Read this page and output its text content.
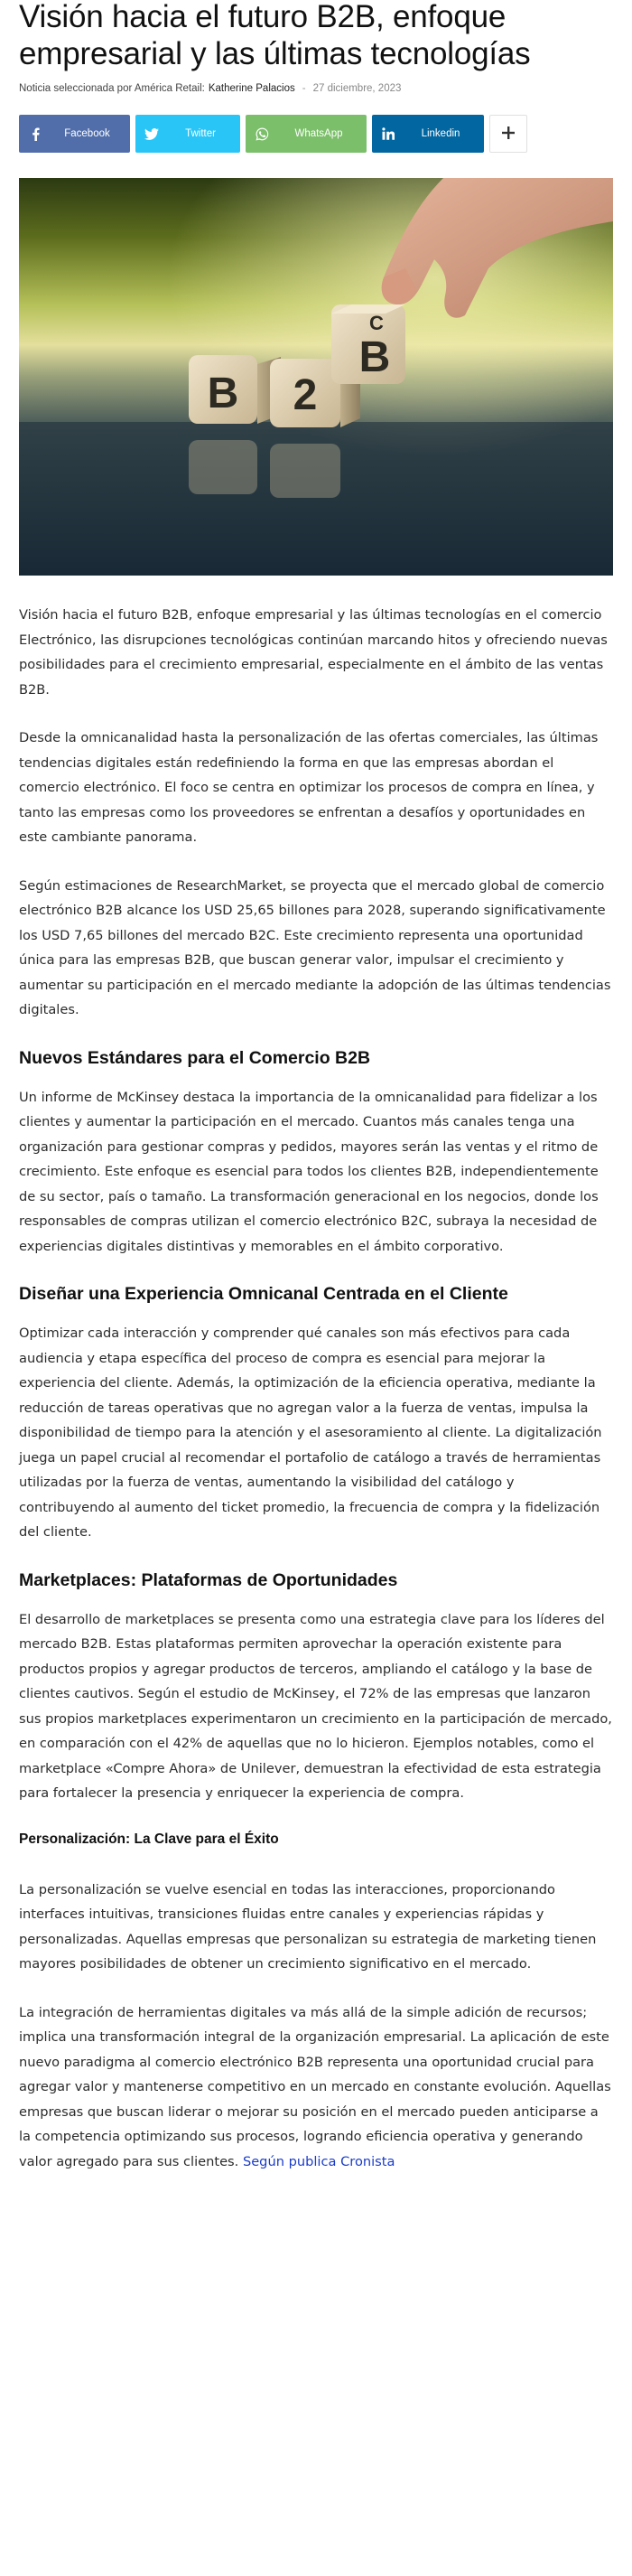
Visión hacia el futuro B2B, enfoque empresarial y las últimas tecnologías
Noticia seleccionada por América Retail: Katherine Palacios - 27 diciembre, 2023
Facebook	Twitter	WhatsApp	Linkedin
B 2
B
C

Visión hacia el futuro B2B, enfoque empresarial y las últimas tecnologías en el comercio Electrónico, las disrupciones tecnológicas continúan marcando hitos y ofreciendo nuevas posibilidades para el crecimiento empresarial, especialmente en el ámbito de las ventas B2B.

Desde la omnicanalidad hasta la personalización de las ofertas comerciales, las últimas tendencias digitales están redefiniendo la forma en que las empresas abordan el comercio electrónico. El foco se centra en optimizar los procesos de compra en línea, y tanto las empresas como los proveedores se enfrentan a desafíos y oportunidades en este cambiante panorama.

Según estimaciones de ResearchMarket, se proyecta que el mercado global de comercio electrónico B2B alcance los USD 25,65 billones para 2028, superando significativamente los USD 7,65 billones del mercado B2C. Este crecimiento representa una oportunidad única para las empresas B2B, que buscan generar valor, impulsar el crecimiento y aumentar su participación en el mercado mediante la adopción de las últimas tendencias digitales.

Nuevos Estándares para el Comercio B2B

Un informe de McKinsey destaca la importancia de la omnicanalidad para fidelizar a los clientes y aumentar la participación en el mercado. Cuantos más canales tenga una organización para gestionar compras y pedidos, mayores serán las ventas y el ritmo de crecimiento. Este enfoque es esencial para todos los clientes B2B, independientemente de su sector, país o tamaño. La transformación generacional en los negocios, donde los responsables de compras utilizan el comercio electrónico B2C, subraya la necesidad de experiencias digitales distintivas y memorables en el ámbito corporativo.

Diseñar una Experiencia Omnicanal Centrada en el Cliente

Optimizar cada interacción y comprender qué canales son más efectivos para cada audiencia y etapa específica del proceso de compra es esencial para mejorar la experiencia del cliente. Además, la optimización de la eficiencia operativa, mediante la reducción de tareas operativas que no agregan valor a la fuerza de ventas, impulsa la disponibilidad de tiempo para la atención y el asesoramiento al cliente. La digitalización juega un papel crucial al recomendar el portafolio de catálogo a través de herramientas utilizadas por la fuerza de ventas, aumentando la visibilidad del catálogo y contribuyendo al aumento del ticket promedio, la frecuencia de compra y la fidelización del cliente.

Marketplaces: Plataformas de Oportunidades

El desarrollo de marketplaces se presenta como una estrategia clave para los líderes del mercado B2B. Estas plataformas permiten aprovechar la operación existente para productos propios y agregar productos de terceros, ampliando el catálogo y la base de clientes cautivos. Según el estudio de McKinsey, el 72% de las empresas que lanzaron sus propios marketplaces experimentaron un crecimiento en la participación de mercado, en comparación con el 42% de aquellas que no lo hicieron. Ejemplos notables, como el marketplace «Compre Ahora» de Unilever, demuestran la efectividad de esta estrategia para fortalecer la presencia y enriquecer la experiencia de compra.

Personalización: La Clave para el Éxito

La personalización se vuelve esencial en todas las interacciones, proporcionando interfaces intuitivas, transiciones fluidas entre canales y experiencias rápidas y personalizadas. Aquellas empresas que personalizan su estrategia de marketing tienen mayores posibilidades de obtener un crecimiento significativo en el mercado.

La integración de herramientas digitales va más allá de la simple adición de recursos; implica una transformación integral de la organización empresarial. La aplicación de este nuevo paradigma al comercio electrónico B2B representa una oportunidad crucial para agregar valor y mantenerse competitivo en un mercado en constante evolución. Aquellas empresas que buscan liderar o mejorar su posición en el mercado pueden anticiparse a la competencia optimizando sus procesos, logrando eficiencia operativa y generando valor agregado para sus clientes. Según publica Cronista
